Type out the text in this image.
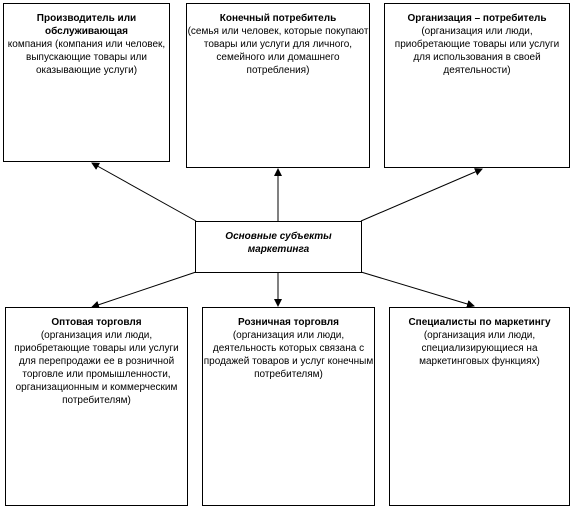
Производитель или обслуживающая
компания (компания или человек, выпускающие товары или оказывающие услуги)
Конечный потребитель
(семья или человек, которые покупают товары или услуги для личного, семейного или домашнего потребления)
Организация – потребитель
(организация или люди, приобретающие товары или услуги для использования в своей деятельности)
Основные субъекты маркетинга
Оптовая торговля
(организация или люди, приобретающие товары или услуги для перепродажи ее в розничной торговле или промышленности, организационным и коммерческим потребителям)
Розничная торговля
(организация или люди, деятельность которых связана с продажей товаров и услуг конечным потребителям)
Специалисты по маркетингу
(организация или люди, специализирующиеся на маркетинговых функциях)
